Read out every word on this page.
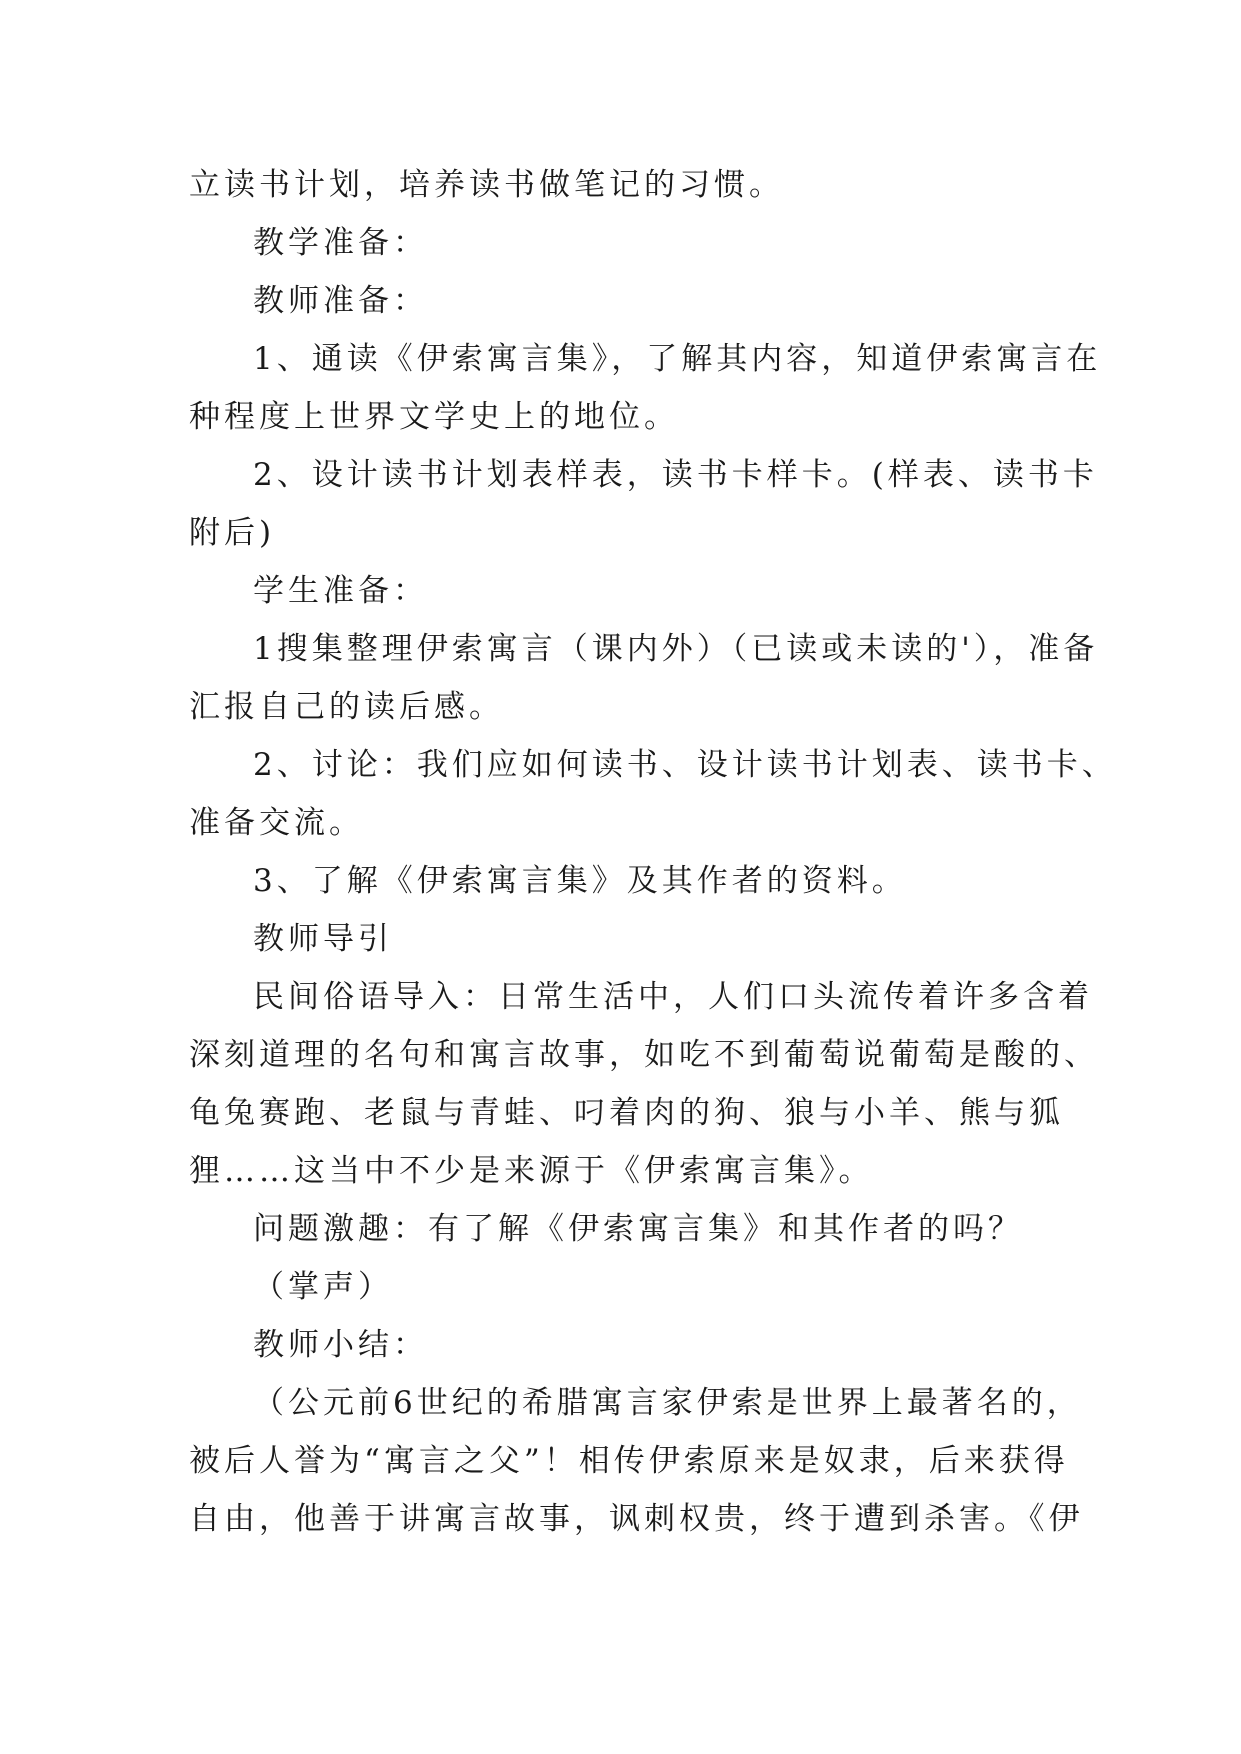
立读书计划，培养读书做笔记的习惯。
教学准备：
教师准备：
1、通读《伊索寓言集》，了解其内容，知道伊索寓言在
种程度上世界文学史上的地位。
2、设计读书计划表样表，读书卡样卡。(样表、读书卡
附后)
学生准备：
1搜集整理伊索寓言（课内外）（已读或未读的'），准备
汇报自己的读后感。
2、讨论：我们应如何读书、设计读书计划表、读书卡、
准备交流。
3、了解《伊索寓言集》及其作者的资料。
教师导引
民间俗语导入：日常生活中，人们口头流传着许多含着
深刻道理的名句和寓言故事，如吃不到葡萄说葡萄是酸的、
龟兔赛跑、老鼠与青蛙、叼着肉的狗、狼与小羊、熊与狐
狸……这当中不少是来源于《伊索寓言集》。
问题激趣：有了解《伊索寓言集》和其作者的吗？
（掌声）
教师小结：
（公元前6世纪的希腊寓言家伊索是世界上最著名的，
被后人誉为“寓言之父”！相传伊索原来是奴隶，后来获得
自由，他善于讲寓言故事，讽刺权贵，终于遭到杀害。《伊
